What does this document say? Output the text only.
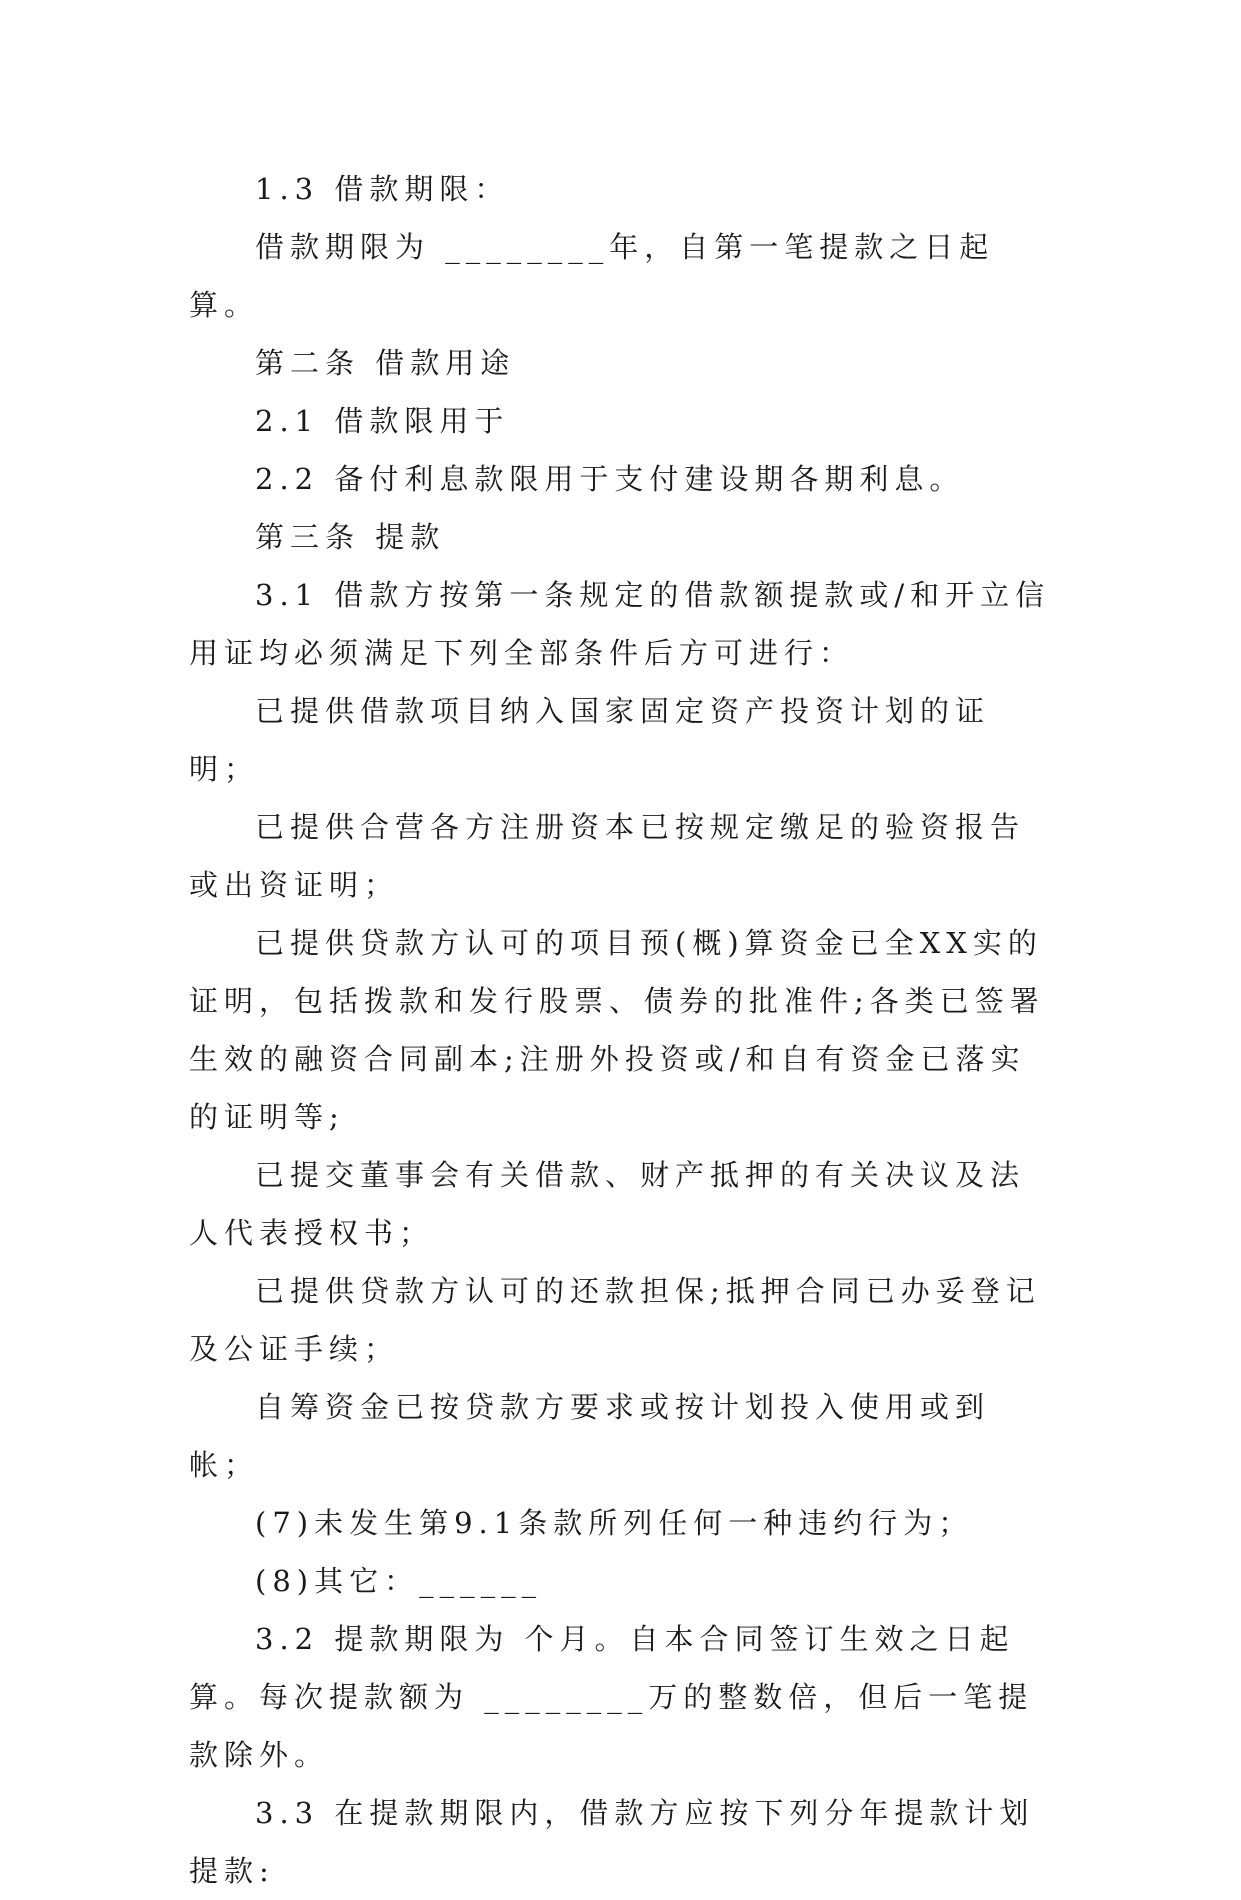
1.3 借款期限：

借款期限为 ________年，自第一笔提款之日起算。

第二条 借款用途

2.1 借款限用于

2.2 备付利息款限用于支付建设期各期利息。

第三条 提款

3.1 借款方按第一条规定的借款额提款或/和开立信用证均必须满足下列全部条件后方可进行：

已提供借款项目纳入国家固定资产投资计划的证明；

已提供合营各方注册资本已按规定缴足的验资报告或出资证明；

已提供贷款方认可的项目预(概)算资金已全XX实的证明，包括拨款和发行股票、债券的批准件;各类已签署生效的融资合同副本;注册外投资或/和自有资金已落实的证明等;

已提交董事会有关借款、财产抵押的有关决议及法人代表授权书；

已提供贷款方认可的还款担保;抵押合同已办妥登记及公证手续；

自筹资金已按贷款方要求或按计划投入使用或到帐；

(7)未发生第9.1条款所列任何一种违约行为；

(8)其它：______

3.2 提款期限为 个月。自本合同签订生效之日起算。每次提款额为 ________万的整数倍，但后一笔提款除外。

3.3 在提款期限内，借款方应按下列分年提款计划提款:
